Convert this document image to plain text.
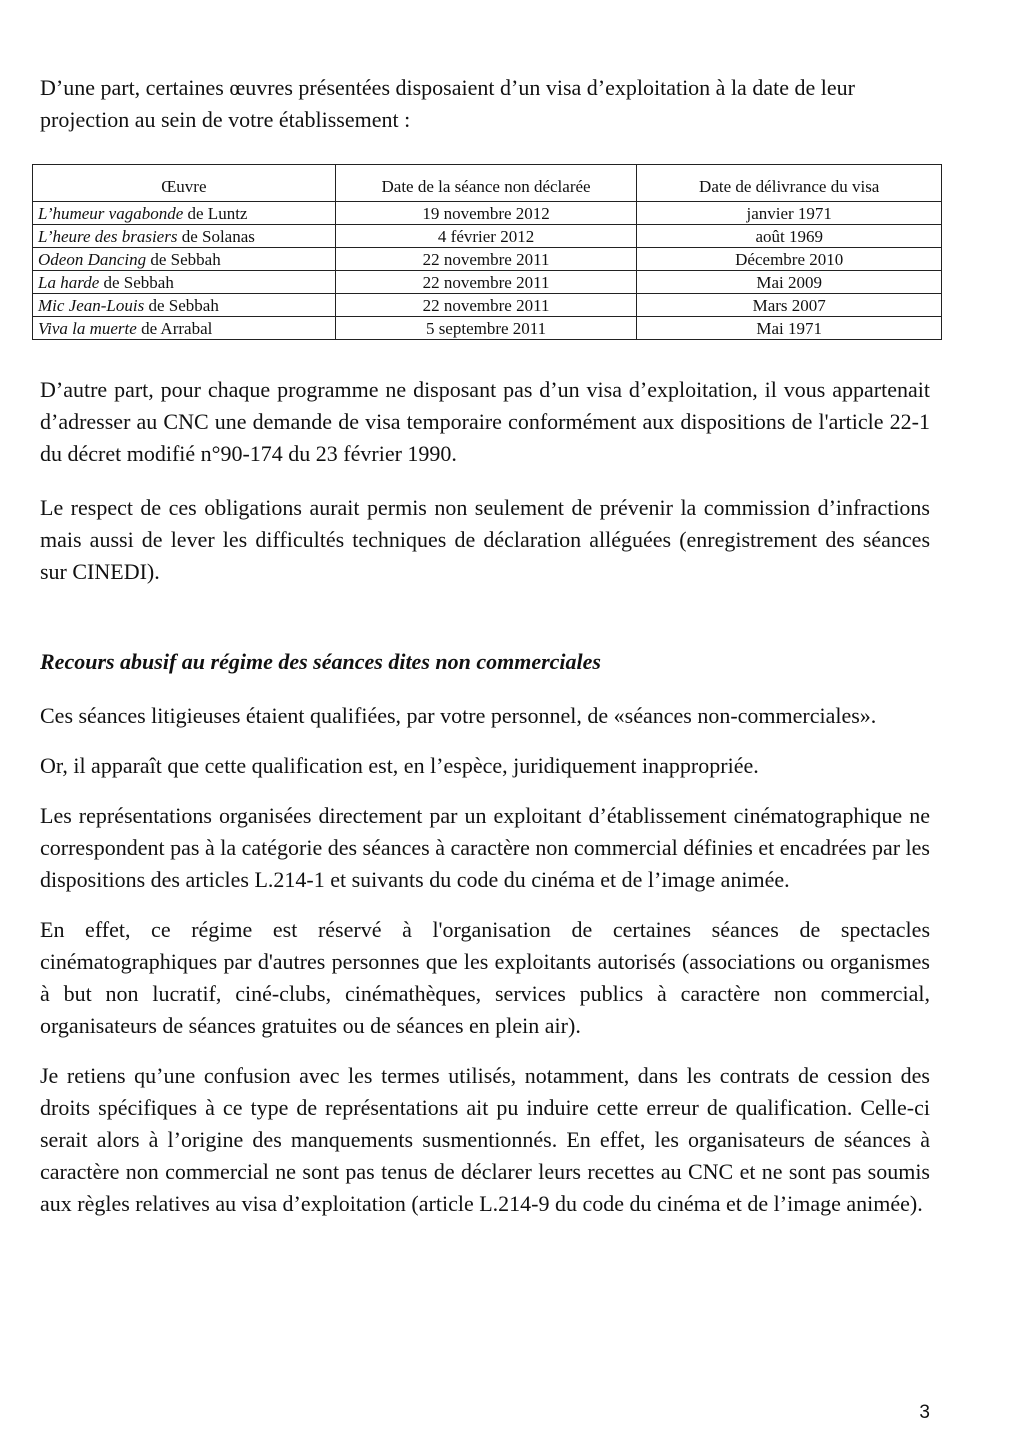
D’une part, certaines œuvres présentées disposaient d’un visa d’exploitation à la date de leur projection au sein de votre établissement :

Œuvre	Date de la séance non déclarée	Date de délivrance du visa
L’humeur vagabonde de Luntz	19 novembre 2012	janvier 1971
L’heure des brasiers de Solanas	4 février 2012	août 1969
Odeon Dancing de Sebbah	22 novembre 2011	Décembre 2010
La harde de Sebbah	22 novembre 2011	Mai 2009
Mic Jean-Louis de Sebbah	22 novembre 2011	Mars 2007
Viva la muerte de Arrabal	5 septembre 2011	Mai 1971

D’autre part, pour chaque programme ne disposant pas d’un visa d’exploitation, il vous appartenait d’adresser au CNC une demande de visa temporaire conformément aux dispositions de l'article 22-1 du décret modifié n°90-174 du 23 février 1990.

Le respect de ces obligations aurait permis non seulement de prévenir la commission d’infractions mais aussi de lever les difficultés techniques de déclaration alléguées (enregistrement des séances sur CINEDI).

Recours abusif au régime des séances dites non commerciales

Ces séances litigieuses étaient qualifiées, par votre personnel, de «séances non-commerciales».

Or, il apparaît que cette qualification est, en l’espèce, juridiquement inappropriée.

Les représentations organisées directement par un exploitant d’établissement cinématographique ne correspondent pas à la catégorie des séances à caractère non commercial définies et encadrées par les dispositions des articles L.214-1 et suivants du code du cinéma et de l’image animée.

En effet, ce régime est réservé à l'organisation de certaines séances de spectacles cinématographiques par d'autres personnes que les exploitants autorisés (associations ou organismes à but non lucratif, ciné-clubs, cinémathèques, services publics à caractère non commercial, organisateurs de séances gratuites ou de séances en plein air).

Je retiens qu’une confusion avec les termes utilisés, notamment, dans les contrats de cession des droits spécifiques à ce type de représentations ait pu induire cette erreur de qualification. Celle-ci serait alors à l’origine des manquements susmentionnés. En effet, les organisateurs de séances à caractère non commercial ne sont pas tenus de déclarer leurs recettes au CNC et ne sont pas soumis aux règles relatives au visa d’exploitation (article L.214-9 du code du cinéma et de l’image animée).

3
